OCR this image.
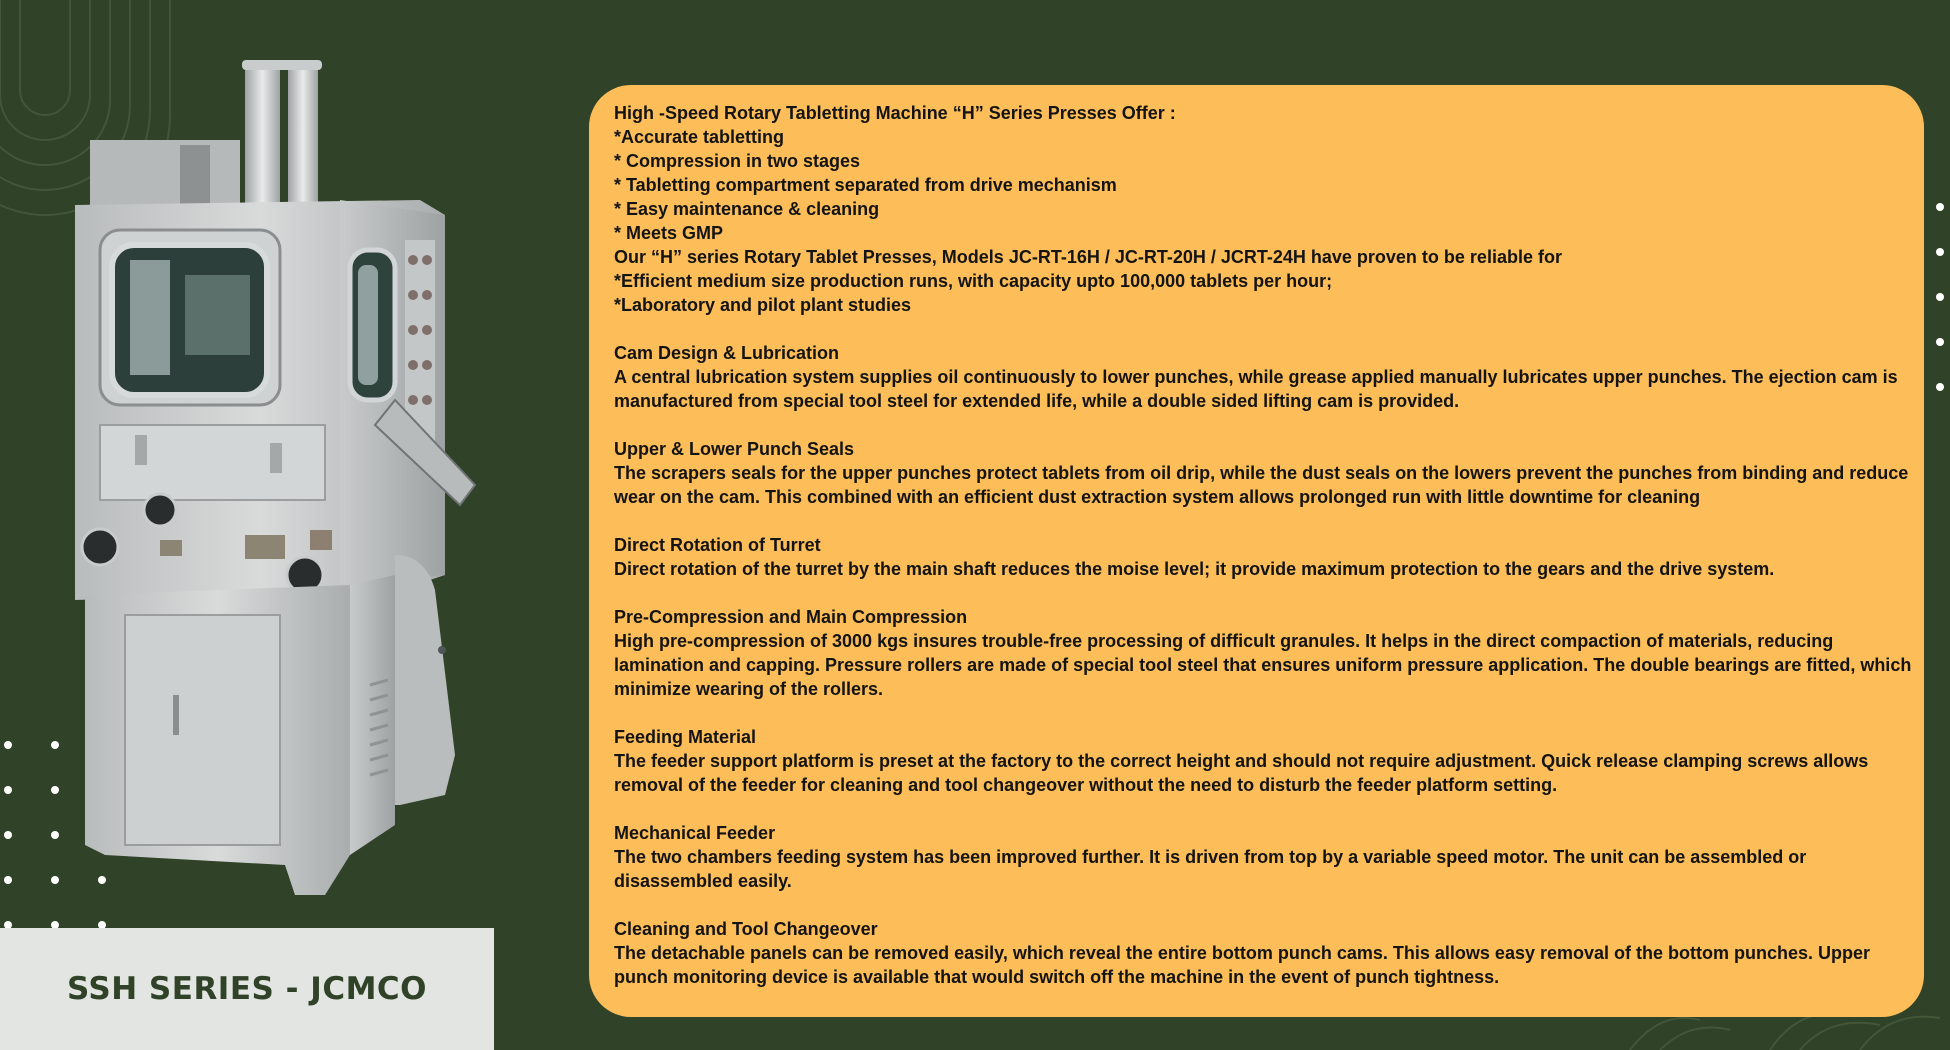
SSH SERIES - JCMCO

High -Speed Rotary Tabletting Machine “H” Series Presses Offer :

*Accurate tabletting

* Compression in two stages

* Tabletting compartment separated from drive mechanism

* Easy maintenance & cleaning

* Meets GMP

Our “H” series Rotary Tablet Presses, Models JC-RT-16H / JC-RT-20H / JCRT-24H have proven to be reliable for

*Efficient medium size production runs, with capacity upto 100,000 tablets per hour;

*Laboratory and pilot plant studies

Cam Design & Lubrication

A central lubrication system supplies oil continuously to lower punches, while grease applied manually lubricates upper punches. The ejection cam is

manufactured from special tool steel for extended life, while a double sided lifting cam is provided.

Upper & Lower Punch Seals

The scrapers seals for the upper punches protect tablets from oil drip, while the dust seals on the lowers prevent the punches from binding and reduce

wear on the cam. This combined with an efficient dust extraction system allows prolonged run with little downtime for cleaning

Direct Rotation of Turret

Direct rotation of the turret by the main shaft reduces the moise level; it provide maximum protection to the gears and the drive system.

Pre-Compression and Main Compression

High pre-compression of 3000 kgs insures trouble-free processing of difficult granules. It helps in the direct compaction of materials, reducing

lamination and capping. Pressure rollers are made of special tool steel that ensures uniform pressure application. The double bearings are fitted, which

minimize wearing of the rollers.

Feeding Material

The feeder support platform is preset at the factory to the correct height and should not require adjustment. Quick release clamping screws allows

removal of the feeder for cleaning and tool changeover without the need to disturb the feeder platform setting.

Mechanical Feeder

The two chambers feeding system has been improved further. It is driven from top by a variable speed motor. The unit can be assembled or

disassembled easily.

Cleaning and Tool Changeover

The detachable panels can be removed easily, which reveal the entire bottom punch cams. This allows easy removal of the bottom punches. Upper

punch monitoring device is available that would switch off the machine in the event of punch tightness.
